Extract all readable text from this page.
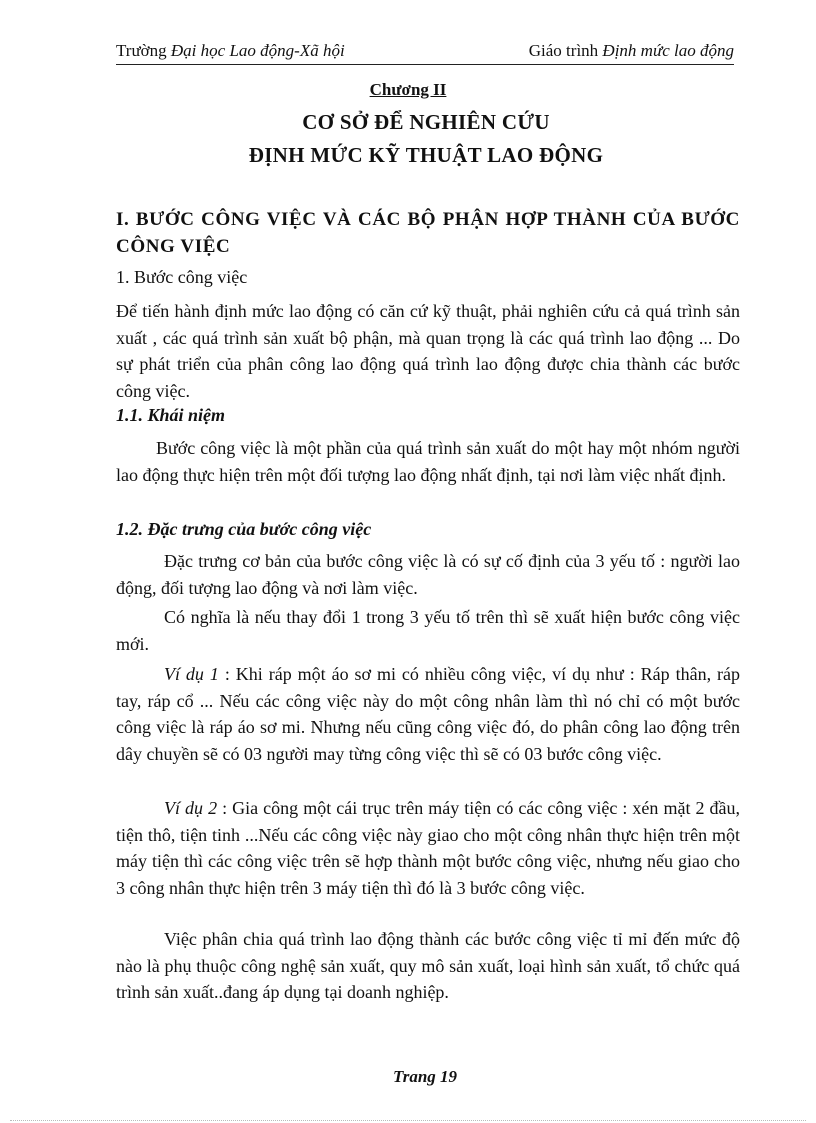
Trường Đại học Lao động-Xã hội	Giáo trình Định mức lao động
Chương II
CƠ SỞ ĐỂ NGHIÊN CỨU
ĐỊNH MỨC KỸ THUẬT LAO ĐỘNG
I. BƯỚC CÔNG VIỆC VÀ CÁC BỘ PHẬN HỢP THÀNH CỦA BƯỚC CÔNG VIỆC
1. Bước công việc
Để tiến hành định mức lao động có căn cứ kỹ thuật, phải nghiên cứu cả quá trình sản xuất , các quá trình sản xuất bộ phận, mà quan trọng là các quá trình lao động ... Do sự phát triển của phân công lao động quá trình lao động được chia thành các bước công việc.
1.1. Khái niệm
Bước công việc là một phần của quá trình sản xuất do một hay một nhóm người lao động thực hiện trên một đối tượng lao động nhất định, tại nơi làm việc nhất định.
1.2. Đặc trưng của bước công việc
Đặc trưng cơ bản của bước công việc là có sự cố định của 3 yếu tố : người lao động, đối tượng lao động và nơi làm việc.
Có nghĩa là nếu thay đổi 1 trong 3 yếu tố trên thì sẽ xuất hiện bước công việc mới.
Ví dụ 1 : Khi ráp một áo sơ mi có nhiều công việc, ví dụ như : Ráp thân, ráp tay, ráp cổ ... Nếu các công việc này do một công nhân làm thì nó chỉ có một bước công việc là ráp áo sơ mi. Nhưng nếu cũng công việc đó, do phân công lao động trên dây chuyền sẽ có 03 người may từng công việc thì sẽ có 03 bước công việc.
Ví dụ 2 : Gia công một cái trục trên máy tiện có các công việc : xén mặt 2 đầu, tiện thô, tiện tinh ...Nếu các công việc này giao cho một công nhân thực hiện trên một máy tiện thì các công việc trên sẽ hợp thành một bước công việc, nhưng nếu giao cho 3 công nhân thực hiện trên 3 máy tiện thì đó là 3 bước công việc.
Việc phân chia quá trình lao động thành các bước công việc tỉ mỉ đến mức độ nào là phụ thuộc công nghệ sản xuất, quy mô sản xuất, loại hình sản xuất, tổ chức quá trình sản xuất..đang áp dụng tại doanh nghiệp.
Trang 19
